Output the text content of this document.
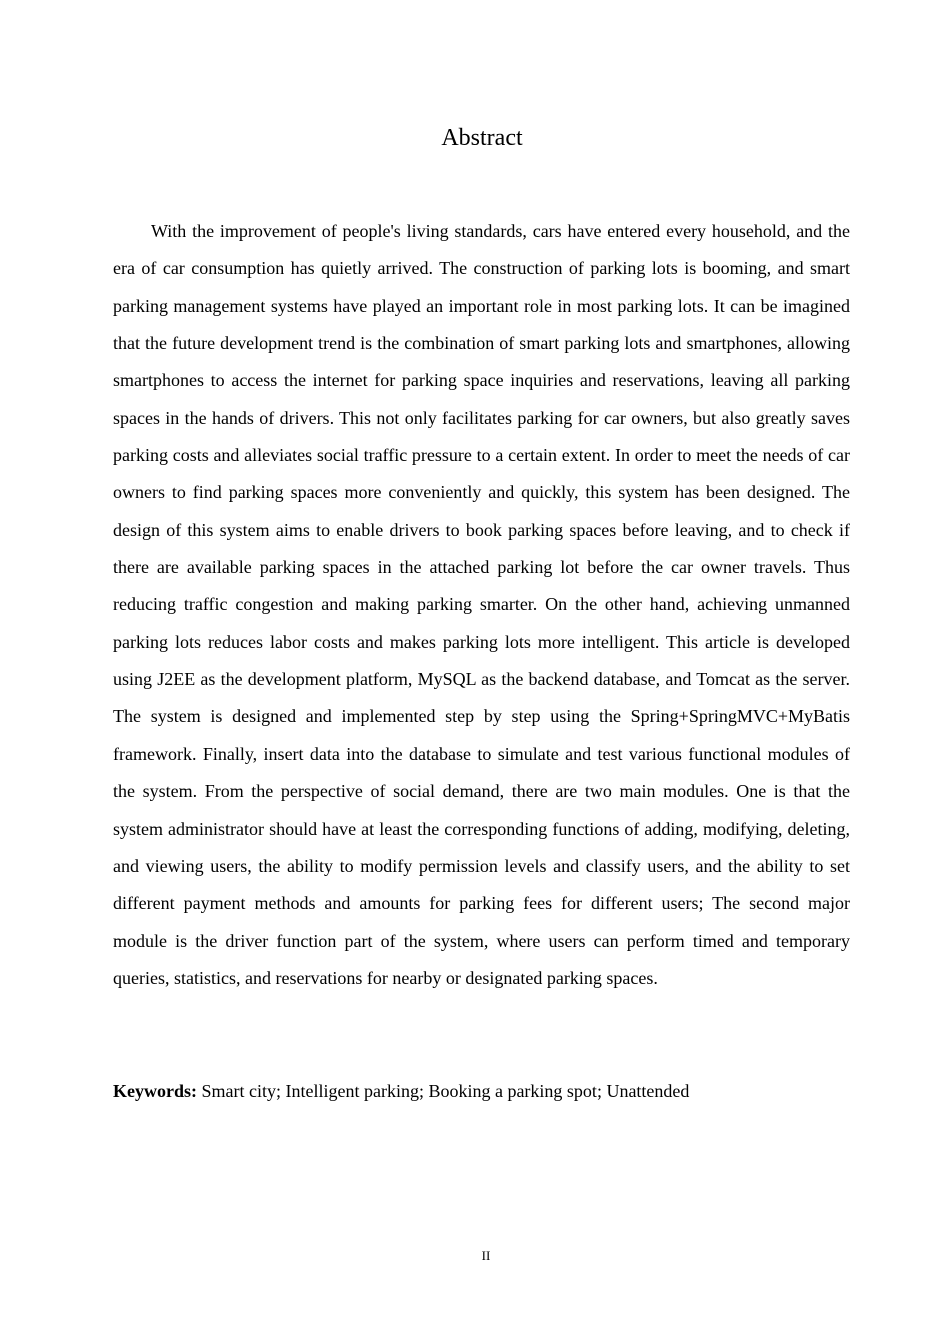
Abstract

With the improvement of people's living standards, cars have entered every household, and the era of car consumption has quietly arrived. The construction of parking lots is booming, and smart parking management systems have played an important role in most parking lots. It can be imagined that the future development trend is the combination of smart parking lots and smartphones, allowing smartphones to access the internet for parking space inquiries and reservations, leaving all parking spaces in the hands of drivers. This not only facilitates parking for car owners, but also greatly saves parking costs and alleviates social traffic pressure to a certain extent. In order to meet the needs of car owners to find parking spaces more conveniently and quickly, this system has been designed. The design of this system aims to enable drivers to book parking spaces before leaving, and to check if there are available parking spaces in the attached parking lot before the car owner travels. Thus reducing traffic congestion and making parking smarter. On the other hand, achieving unmanned parking lots reduces labor costs and makes parking lots more intelligent. This article is developed using J2EE as the development platform, MySQL as the backend database, and Tomcat as the server. The system is designed and implemented step by step using the Spring+SpringMVC+MyBatis framework. Finally, insert data into the database to simulate and test various functional modules of the system. From the perspective of social demand, there are two main modules. One is that the system administrator should have at least the corresponding functions of adding, modifying, deleting, and viewing users, the ability to modify permission levels and classify users, and the ability to set different payment methods and amounts for parking fees for different users; The second major module is the driver function part of the system, where users can perform timed and temporary queries, statistics, and reservations for nearby or designated parking spaces.

Keywords: Smart city; Intelligent parking; Booking a parking spot; Unattended

II
